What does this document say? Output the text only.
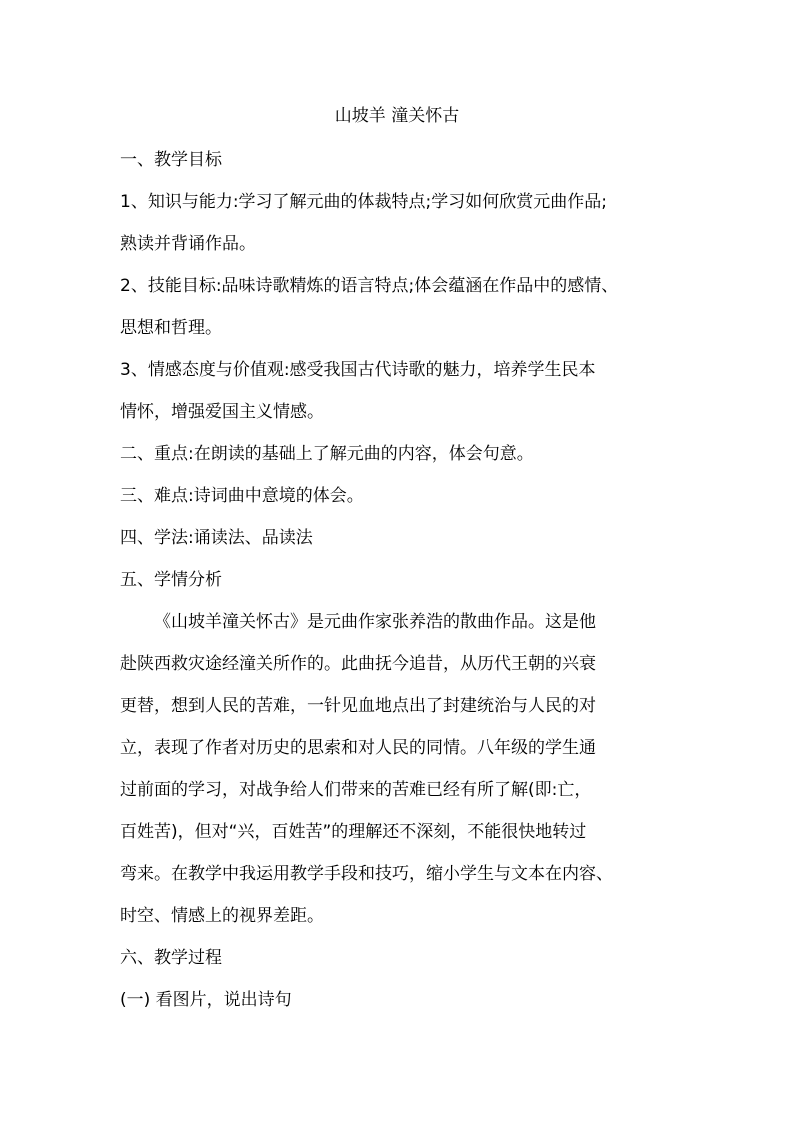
山坡羊 潼关怀古

一、教学目标

1、知识与能力:学习了解元曲的体裁特点;学习如何欣赏元曲作品;

熟读并背诵作品。

2、技能目标:品味诗歌精炼的语言特点;体会蕴涵在作品中的感情、

思想和哲理。

3、情感态度与价值观:感受我国古代诗歌的魅力，培养学生民本

情怀，增强爱国主义情感。

二、重点:在朗读的基础上了解元曲的内容，体会句意。

三、难点:诗词曲中意境的体会。

四、学法:诵读法、品读法

五、学情分析

《山坡羊潼关怀古》是元曲作家张养浩的散曲作品。这是他

赴陕西救灾途经潼关所作的。此曲抚今追昔，从历代王朝的兴衰

更替，想到人民的苦难，一针见血地点出了封建统治与人民的对

立，表现了作者对历史的思索和对人民的同情。八年级的学生通

过前面的学习，对战争给人们带来的苦难已经有所了解(即:亡，

百姓苦)，但对“兴，百姓苦”的理解还不深刻，不能很快地转过

弯来。在教学中我运用教学手段和技巧，缩小学生与文本在内容、

时空、情感上的视界差距。

六、教学过程

(一) 看图片，说出诗句
